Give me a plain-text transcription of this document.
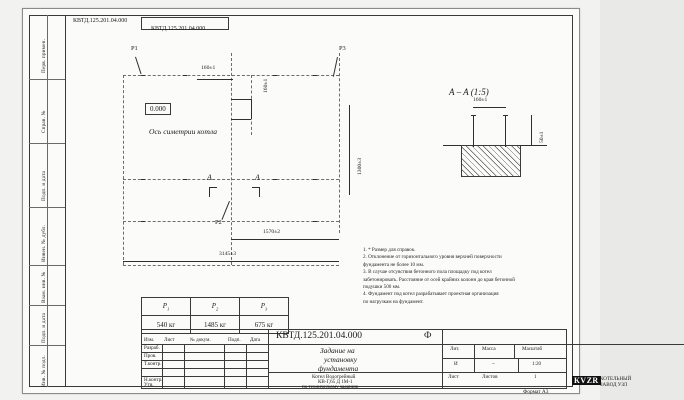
Перв. примен.
Справ. №
Подп. и дата
Инвен. № дубл.
Взам. инв. №
Подп. и дата
Инв. № подл.
КВТД.125.201.04.000
КВТД.125.201.04.000
P1	P3
P2
0.000
Ось симетрии котла
160±1
160±1
1300±3
A	A
1570±2
3145±3
A – A (1:5)
160±1
50±1
1. * Размер для справок.
2. Отклонение от горизонтального уровня верхней поверхности
фундамента не более 10 мм.
3. В случае отсувствия бетонного пола площадку под котел
забетонировать. Расстояние от осей крайних колонн до края бетонной
подушки 500 мм.
4. Фундамент под котел разрабатывает проектная организация
по нагрузкам на фундамент.
$P_1$	$P_2$	$P_3$
540 кг	1485 кг	675 кг
КВТД.125.201.04.000	Ф
Задание на
установку
фундамента
Котел Водогрейный
КВ-Г,65 Д 1М-1
по техническому заданию
Изм. Лист	№ докум.	Подп. Дата
Разраб.
Пров.
Т.контр.
Н.контр.
Утв.
Лит.	Масса	Масштаб
И	~	1:20
Лист	Листов	1	КVZR КОТЕЛЬНЫЙ
ЗАВОД УЗЛ
Формат А3
